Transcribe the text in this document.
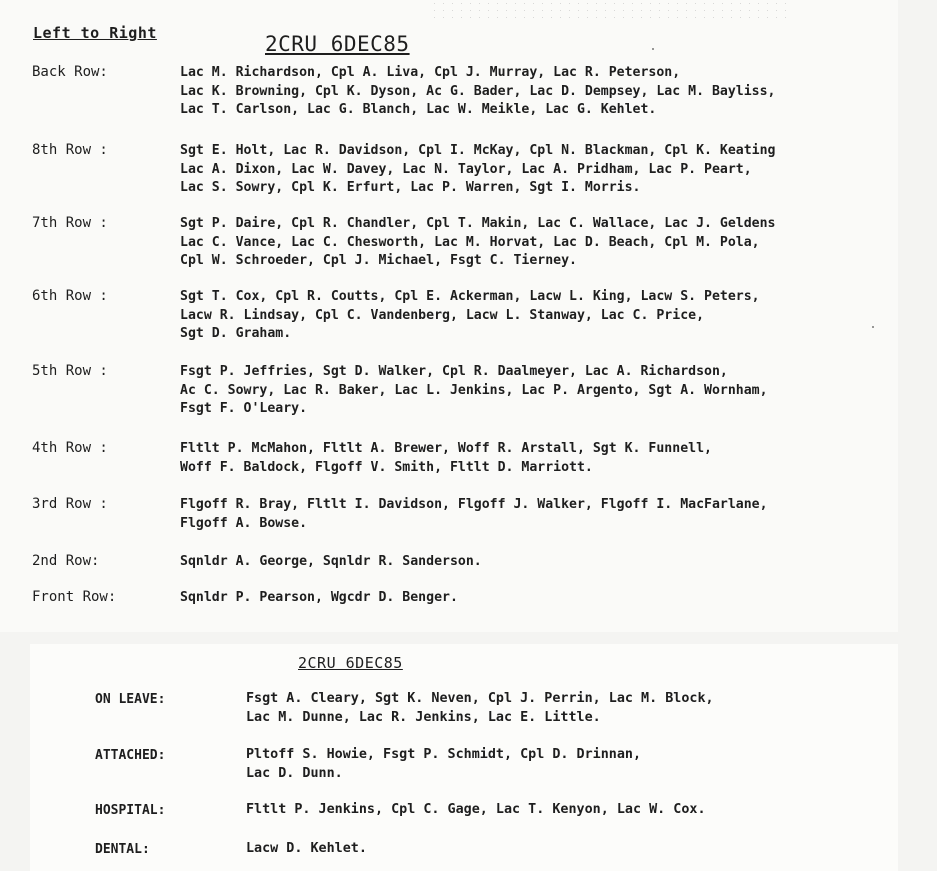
Left to Right	2CRU 6DEC85
Back Row:	Lac M. Richardson, Cpl A. Liva, Cpl J. Murray, Lac R. Peterson,
Lac K. Browning, Cpl K. Dyson, Ac G. Bader, Lac D. Dempsey, Lac M. Bayliss,
Lac T. Carlson, Lac G. Blanch, Lac W. Meikle, Lac G. Kehlet.
8th Row :	Sgt E. Holt, Lac R. Davidson, Cpl I. McKay, Cpl N. Blackman, Cpl K. Keating
Lac A. Dixon, Lac W. Davey, Lac N. Taylor, Lac A. Pridham, Lac P. Peart,
Lac S. Sowry, Cpl K. Erfurt, Lac P. Warren, Sgt I. Morris.
7th Row :	Sgt P. Daire, Cpl R. Chandler, Cpl T. Makin, Lac C. Wallace, Lac J. Geldens
Lac C. Vance, Lac C. Chesworth, Lac M. Horvat, Lac D. Beach, Cpl M. Pola,
Cpl W. Schroeder, Cpl J. Michael, Fsgt C. Tierney.
6th Row :	Sgt T. Cox, Cpl R. Coutts, Cpl E. Ackerman, Lacw L. King, Lacw S. Peters,
Lacw R. Lindsay, Cpl C. Vandenberg, Lacw L. Stanway, Lac C. Price,
Sgt D. Graham.
5th Row :	Fsgt P. Jeffries, Sgt D. Walker, Cpl R. Daalmeyer, Lac A. Richardson,
Ac C. Sowry, Lac R. Baker, Lac L. Jenkins, Lac P. Argento, Sgt A. Wornham,
Fsgt F. O'Leary.
4th Row :	Fltlt P. McMahon, Fltlt A. Brewer, Woff R. Arstall, Sgt K. Funnell,
Woff F. Baldock, Flgoff V. Smith, Fltlt D. Marriott.
3rd Row :	Flgoff R. Bray, Fltlt I. Davidson, Flgoff J. Walker, Flgoff I. MacFarlane,
Flgoff A. Bowse.
2nd Row:	Sqnldr A. George, Sqnldr R. Sanderson.
Front Row:	Sqnldr P. Pearson, Wgcdr D. Benger.
2CRU 6DEC85
ON LEAVE:	Fsgt A. Cleary, Sgt K. Neven, Cpl J. Perrin, Lac M. Block,
Lac M. Dunne, Lac R. Jenkins, Lac E. Little.
ATTACHED:	Pltoff S. Howie, Fsgt P. Schmidt, Cpl D. Drinnan,
Lac D. Dunn.
HOSPITAL:	Fltlt P. Jenkins, Cpl C. Gage, Lac T. Kenyon, Lac W. Cox.
DENTAL:	Lacw D. Kehlet.
